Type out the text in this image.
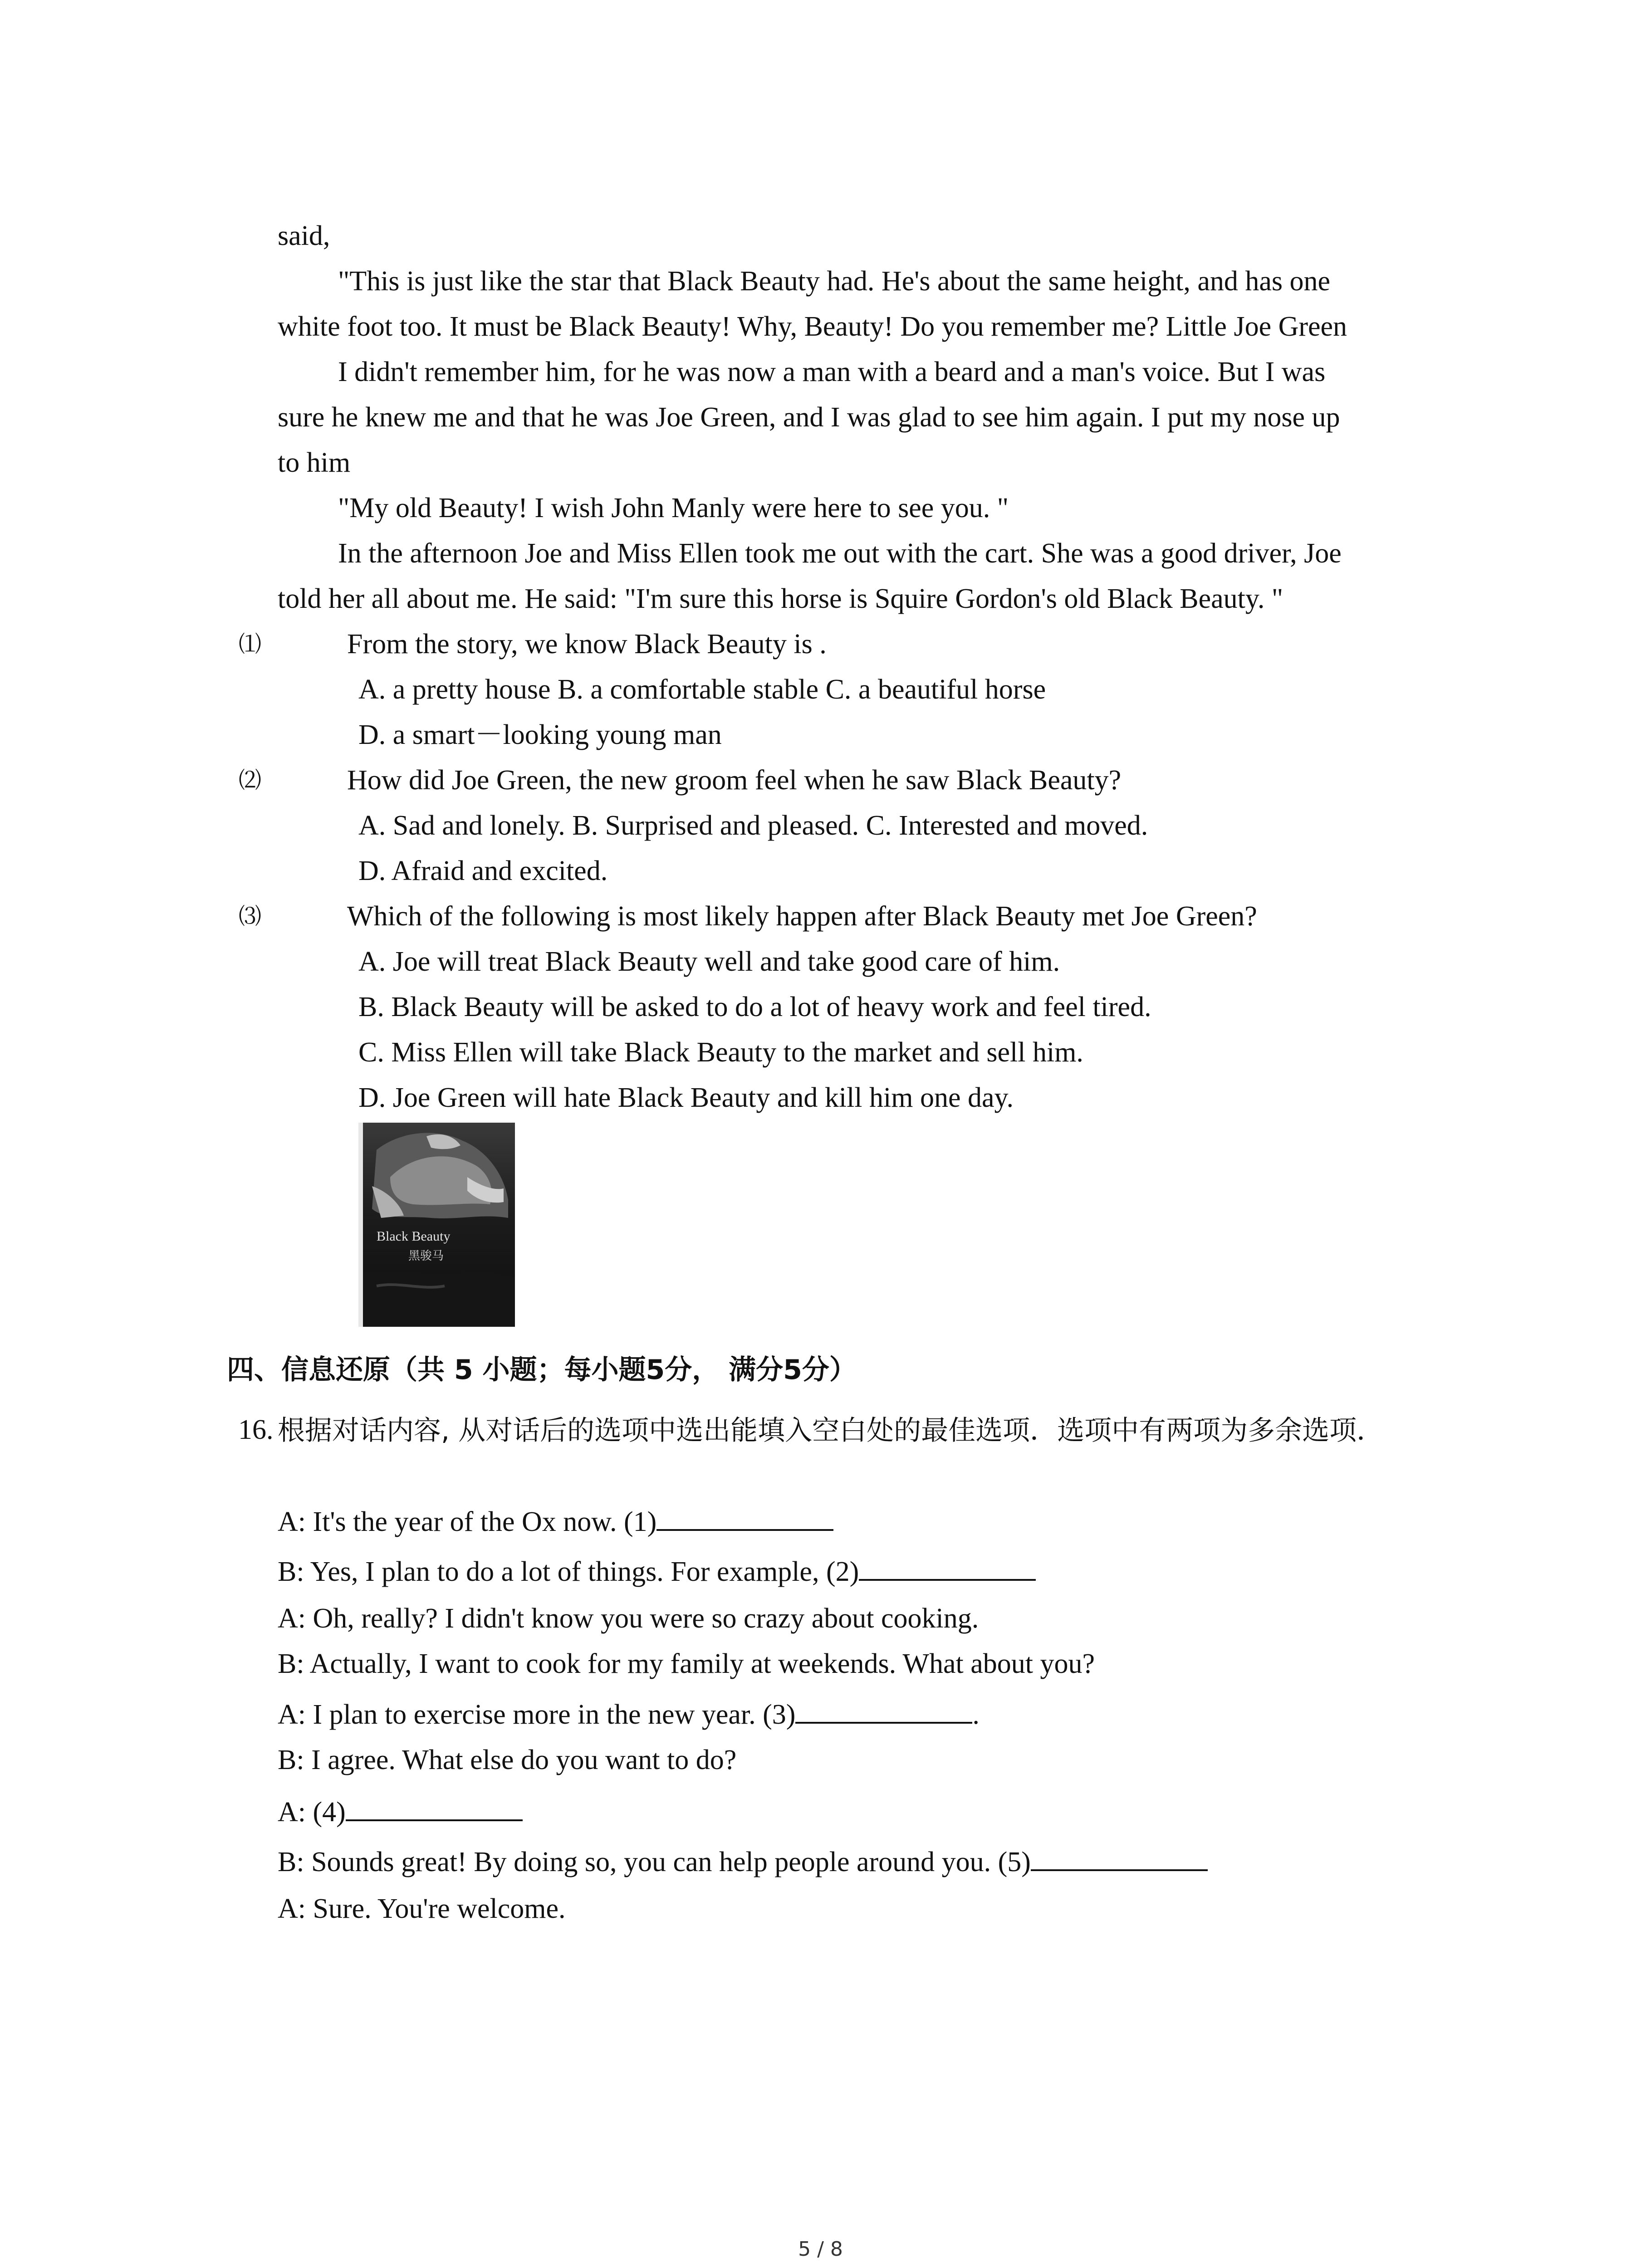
said,
"This is just like the star that Black Beauty had. He's about the same height, and has one
white foot too. It must be Black Beauty! Why, Beauty! Do you remember me? Little Joe Green
I didn't remember him, for he was now a man with a beard and a man's voice. But I was
sure he knew me and that he was Joe Green, and I was glad to see him again. I put my nose up
to him
"My old Beauty! I wish John Manly were here to see you. "
In the afternoon Joe and Miss Ellen took me out with the cart. She was a good driver, Joe
told her all about me. He said: "I'm sure this horse is Squire Gordon's old Black Beauty. "
⑴	From the story, we know Black Beauty is .
A. a pretty house B. a comfortable stable C. a beautiful horse
D. a smart－looking young man
⑵	How did Joe Green, the new groom feel when he saw Black Beauty?
A. Sad and lonely. B. Surprised and pleased. C. Interested and moved.
D. Afraid and excited.
⑶	Which of the following is most likely happen after Black Beauty met Joe Green?
A. Joe will treat Black Beauty well and take good care of him.
B. Black Beauty will be asked to do a lot of heavy work and feel tired.
C. Miss Ellen will take Black Beauty to the market and sell him.
D. Joe Green will hate Black Beauty and kill him one day.
Black Beauty
黑骏马
四、信息还原（共 5 小题；每小题5分， 满分5分）
16. 根据对话内容, 从对话后的选项中选出能填入空白处的最佳选项．选项中有两项为多余选项．
A: It's the year of the Ox now. (1)
B: Yes, I plan to do a lot of things. For example, (2)
A: Oh, really? I didn't know you were so crazy about cooking.
B: Actually, I want to cook for my family at weekends. What about you?
A: I plan to exercise more in the new year. (3)	.
B: I agree. What else do you want to do?
A: (4)
B: Sounds great! By doing so, you can help people around you. (5)
A: Sure. You're welcome.
5 / 8
